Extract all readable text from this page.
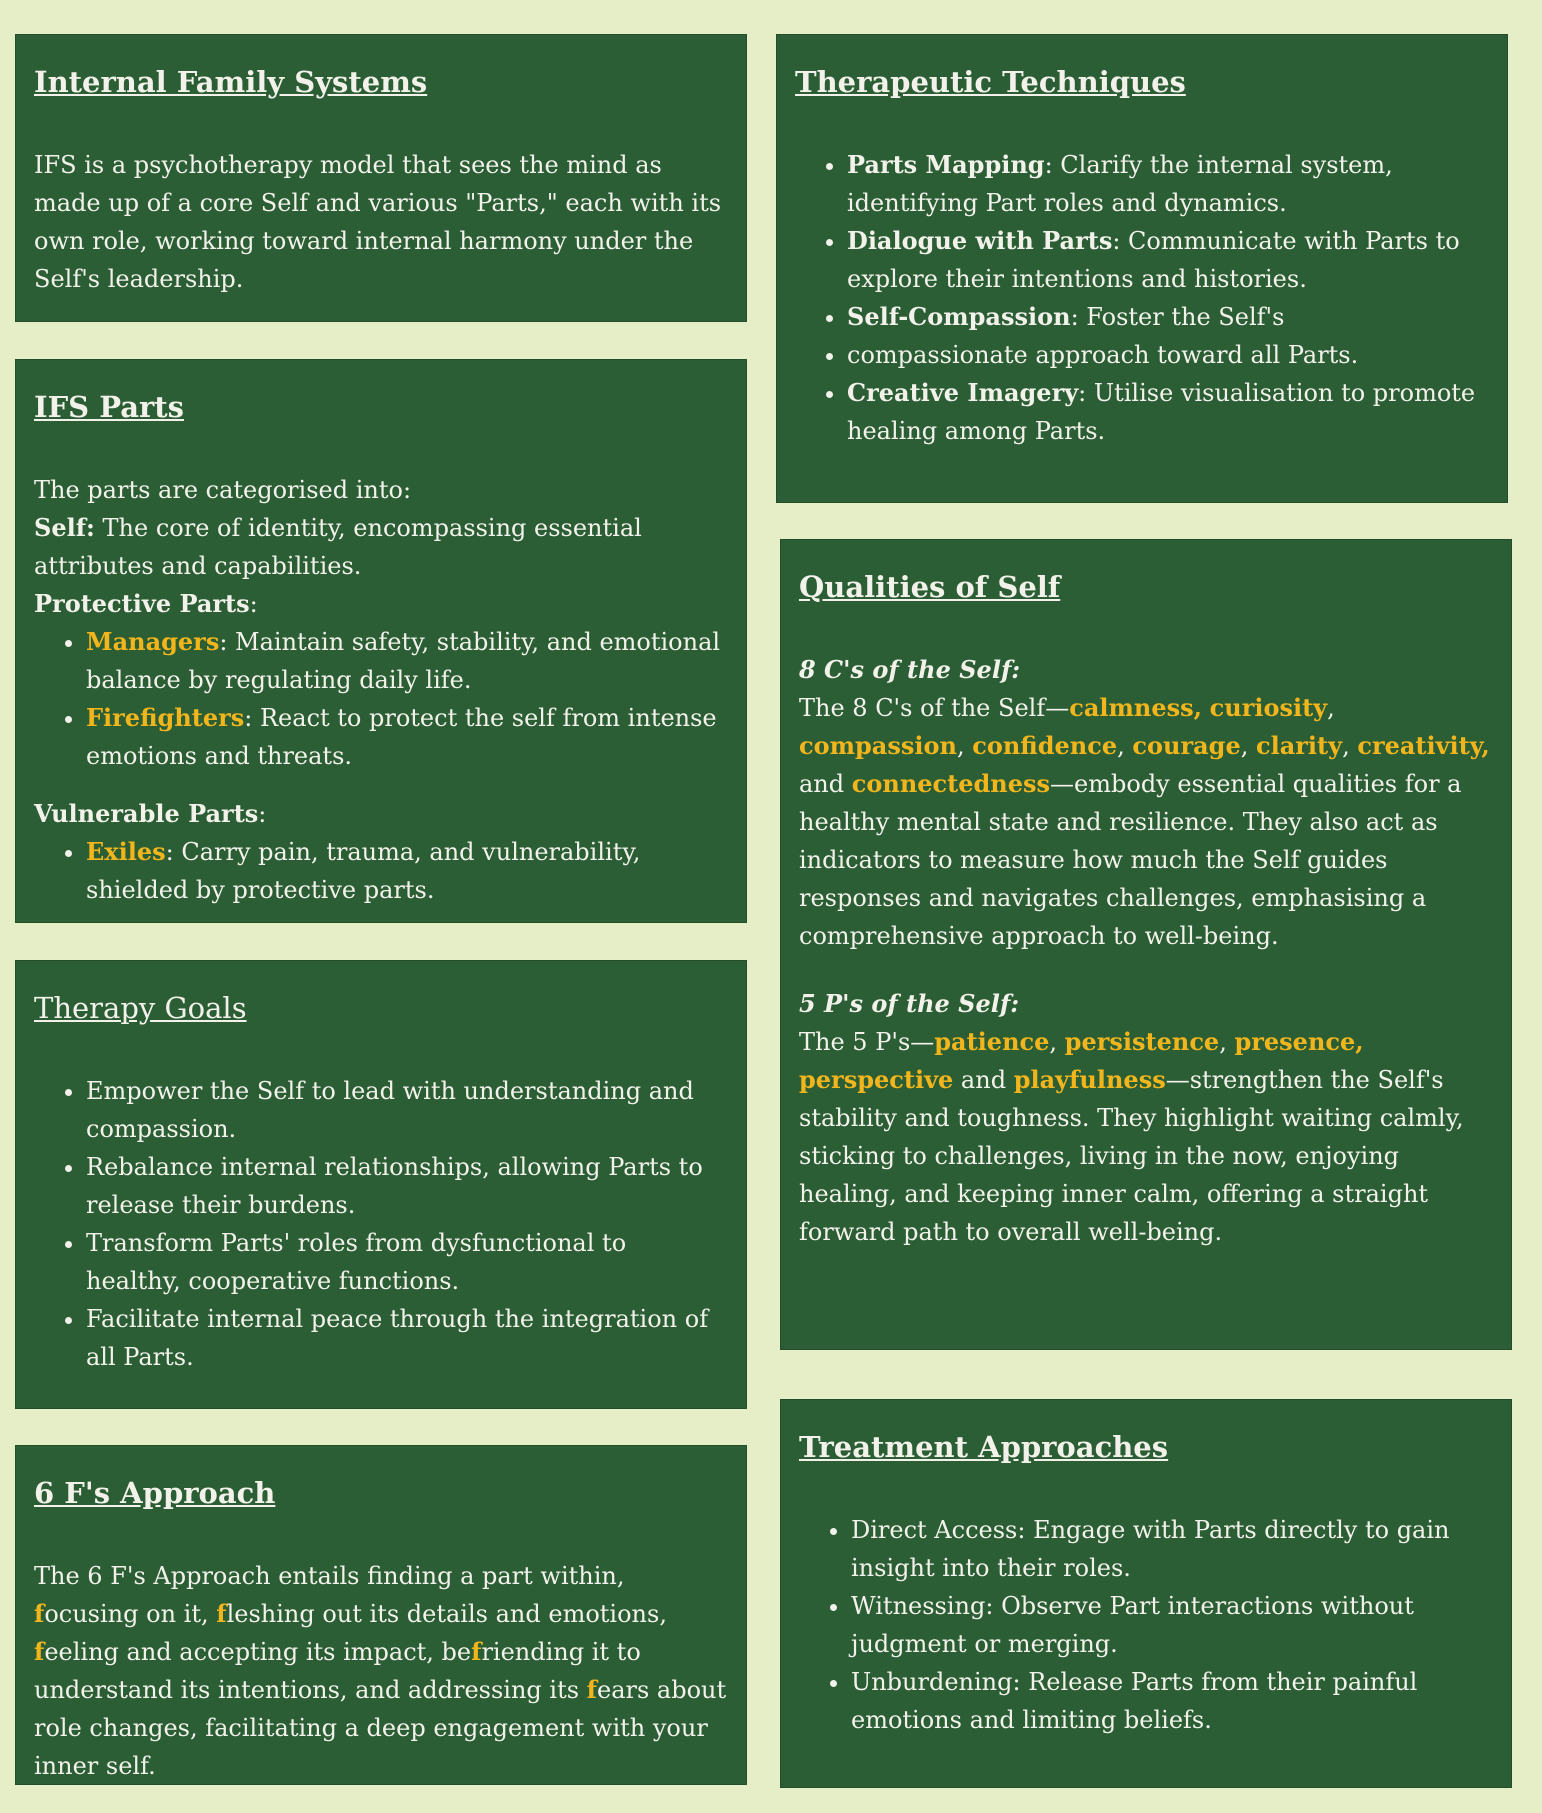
Internal Family Systems

IFS is a psychotherapy model that sees the mind as made up of a core Self and various "Parts," each with its own role, working toward internal harmony under the Self's leadership.

IFS Parts

The parts are categorised into:

Self: The core of identity, encompassing essential attributes and capabilities.

Protective Parts:

• Managers: Maintain safety, stability, and emotional balance by regulating daily life.
• Firefighters: React to protect the self from intense emotions and threats.

Vulnerable Parts:

• Exiles: Carry pain, trauma, and vulnerability, shielded by protective parts.
Therapy Goals
• Empower the Self to lead with understanding and compassion.
• Rebalance internal relationships, allowing Parts to release their burdens.
• Transform Parts' roles from dysfunctional to healthy, cooperative functions.
• Facilitate internal peace through the integration of all Parts.
6 F's Approach

The 6 F's Approach entails finding a part within, focusing on it, fleshing out its details and emotions, feeling and accepting its impact, befriending it to understand its intentions, and addressing its fears about role changes, facilitating a deep engagement with your inner self.

Therapeutic Techniques
• Parts Mapping: Clarify the internal system, identifying Part roles and dynamics.
• Dialogue with Parts: Communicate with Parts to explore their intentions and histories.
• Self-Compassion: Foster the Self's
• compassionate approach toward all Parts.
• Creative Imagery: Utilise visualisation to promote healing among Parts.
Qualities of Self

8 C's of the Self:

The 8 C's of the Self—calmness, curiosity, compassion, confidence, courage, clarity, creativity, and connectedness—embody essential qualities for a healthy mental state and resilience. They also act as indicators to measure how much the Self guides responses and navigates challenges, emphasising a comprehensive approach to well-being.

5 P's of the Self:

The 5 P's—patience, persistence, presence, perspective and playfulness—strengthen the Self's stability and toughness. They highlight waiting calmly, sticking to challenges, living in the now, enjoying healing, and keeping inner calm, offering a straight forward path to overall well-being.

Treatment Approaches
• Direct Access: Engage with Parts directly to gain insight into their roles.
• Witnessing: Observe Part interactions without judgment or merging.
• Unburdening: Release Parts from their painful emotions and limiting beliefs.
